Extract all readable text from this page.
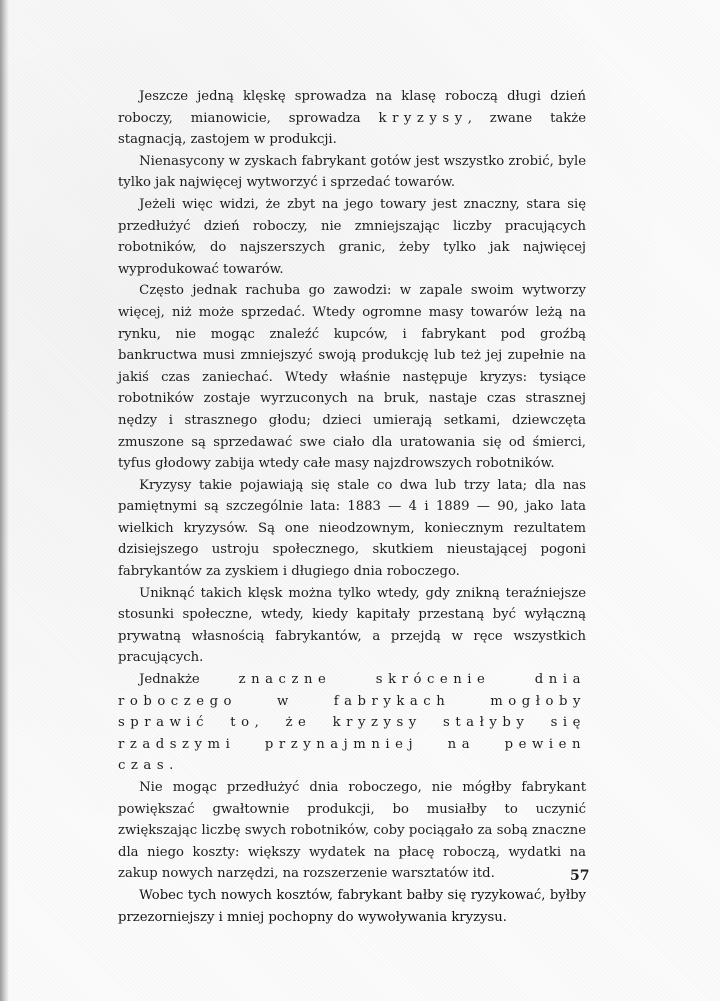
Jeszcze jedną klęskę sprowadza na klasę roboczą długi dzień roboczy, mianowicie, sprowadza kryzysy, zwane także stagnacją, zastojem w produkcji.

Nienasycony w zyskach fabrykant gotów jest wszystko zrobić, byle tylko jak najwięcej wytworzyć i sprzedać towarów.

Jeżeli więc widzi, że zbyt na jego towary jest znaczny, stara się przedłużyć dzień roboczy, nie zmniejszając liczby pracujących robotników, do najszerszych granic, żeby tylko jak najwięcej wyprodukować towarów.

Często jednak rachuba go zawodzi: w zapale swoim wytworzy więcej, niż może sprzedać. Wtedy ogromne masy towarów leżą na rynku, nie mogąc znaleźć kupców, i fabrykant pod groźbą bankructwa musi zmniejszyć swoją produkcję lub też jej zupełnie na jakiś czas zaniechać. Wtedy właśnie następuje kryzys: tysiące robotników zostaje wyrzuconych na bruk, nastaje czas strasznej nędzy i strasznego głodu; dzieci umierają setkami, dziewczęta zmuszone są sprzedawać swe ciało dla uratowania się od śmierci, tyfus głodowy zabija wtedy całe masy najzdrowszych robotników.

Kryzysy takie pojawiają się stale co dwa lub trzy lata; dla nas pamiętnymi są szczególnie lata: 1883 — 4 i 1889 — 90, jako lata wielkich kryzysów. Są one nieodzownym, koniecznym rezultatem dzisiejszego ustroju społecznego, skutkiem nieustającej pogoni fabrykantów za zyskiem i długiego dnia roboczego.

Uniknąć takich klęsk można tylko wtedy, gdy znikną teraźniejsze stosunki społeczne, wtedy, kiedy kapitały przestaną być wyłączną prywatną własnością fabrykantów, a przejdą w ręce wszystkich pracujących.

Jednakże znaczne skrócenie dnia roboczego w fabrykach mogłoby sprawić to, że kryzysy stałyby się rzadszymi przynajmniej na pewien czas.

Nie mogąc przedłużyć dnia roboczego, nie mógłby fabrykant powiększać gwałtownie produkcji, bo musiałby to uczynić zwiększając liczbę swych robotników, coby pociągało za sobą znaczne dla niego koszty: większy wydatek na płacę roboczą, wydatki na zakup nowych narzędzi, na rozszerzenie warsztatów itd.

Wobec tych nowych kosztów, fabrykant bałby się ryzykować, byłby przezorniejszy i mniej pochopny do wywoływania kryzysu.

57
